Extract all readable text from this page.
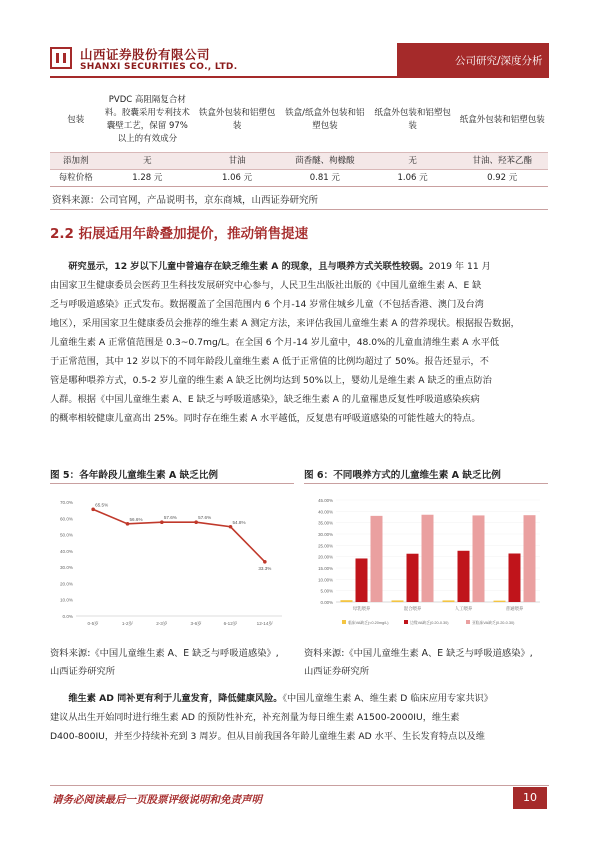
山西证券股份有限公司
SHANXI SECURITIES CO., LTD.	公司研究/深度分析
包装	PVDC 高阻隔复合材料。胶囊采用专利技术囊壁工艺，保留 97%以上的有效成分	铁盒外包装和铝塑包装	铁盒/纸盒外包装和铝塑包装	纸盒外包装和铝塑包装	纸盒外包装和铝塑包装
添加剂	无	甘油	茴香醚、枸橼酸	无	甘油、羟苯乙酯
每粒价格	1.28 元	1.06 元	0.81 元	1.06 元	0.92 元
资料来源：公司官网，产品说明书，京东商城，山西证券研究所
2.2 拓展适用年龄叠加提价，推动销售提速
　　研究显示，12 岁以下儿童中普遍存在缺乏维生素 A 的现象，且与喂养方式关联性较弱。2019 年 11 月
由国家卫生健康委员会医药卫生科技发展研究中心参与，人民卫生出版社出版的《中国儿童维生素 A、E 缺
乏与呼吸道感染》正式发布。数据覆盖了全国范围内 6 个月-14 岁常住城乡儿童（不包括香港、澳门及台湾
地区），采用国家卫生健康委员会推荐的维生素 A 测定方法，来评估我国儿童维生素 A 的营养现状。根据报告数据，
儿童维生素 A 正常值范围是 0.3~0.7mg/L。在全国 6 个月-14 岁儿童中，48.0%的儿童血清维生素 A 水平低
于正常范围，其中 12 岁以下的不同年龄段儿童维生素 A 低于正常值的比例均超过了 50%。报告还显示，不
管是哪种喂养方式，0.5-2 岁儿童的维生素 A 缺乏比例均达到 50%以上，婴幼儿是维生素 A 缺乏的重点防治
人群。根据《中国儿童维生素 A、E 缺乏与呼吸道感染》，缺乏维生素 A 的儿童罹患反复性呼吸道感染疾病
的概率相较健康儿童高出 25%。同时存在维生素 A 水平越低，反复患有呼吸道感染的可能性越大的特点。
图 5：各年龄段儿童维生素 A 缺乏比例	图 6：不同喂养方式的儿童维生素 A 缺乏比例
0.0%
10.0%
20.0%
30.0%
40.0%
50.0%
60.0%
70.0%	65.5%
0-5岁
56.6%
1-2岁
57.6%
2-3岁
57.6%
3-6岁
54.8%
6-12岁
33.3%
12-14岁
0.00%
5.00%
10.00%
15.00%
20.00%
25.00%
30.00%
35.00%
40.00%
45.00%
母乳喂养	混合喂养	人工喂养	普通喂养
临床VA缺乏(<0.20mg/L)	边缘VA缺乏(0.20-0.30)	亚临床VA缺乏(0.20-0.30)
资料来源:《中国儿童维生素 A、E 缺乏与呼吸道感染》,
山西证券研究所
资料来源:《中国儿童维生素 A、E 缺乏与呼吸道感染》,
山西证券研究所
　　维生素 AD 同补更有利于儿童发育，降低健康风险。《中国儿童维生素 A、维生素 D 临床应用专家共识》
建议从出生开始同时进行维生素 AD 的预防性补充，补充剂量为每日维生素 A1500-2000IU，维生素
D400-800IU，并至少持续补充到 3 周岁。但从目前我国各年龄儿童维生素 AD 水平、生长发育特点以及维
请务必阅读最后一页股票评级说明和免责声明	10
